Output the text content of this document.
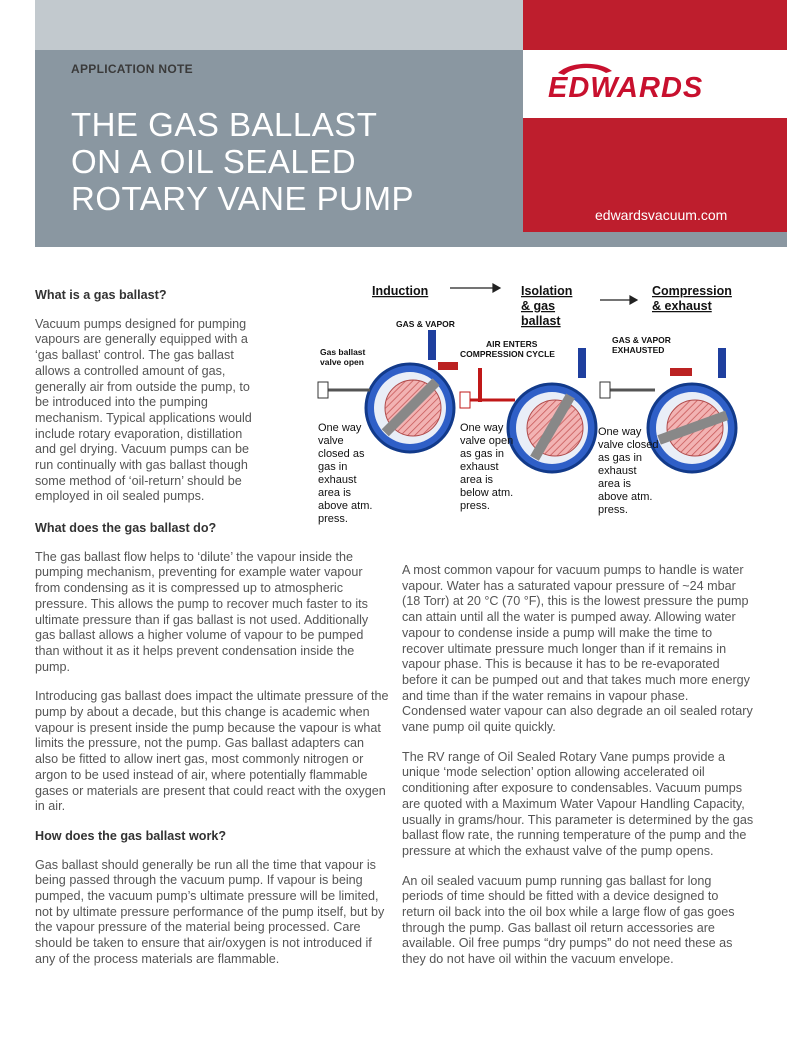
EDWARDS
APPLICATION NOTE
THE GAS BALLAST
ON A OIL SEALED
ROTARY VANE PUMP	edwardsvacuum.com
Induction	Isolation
& gas
ballast
Compression
& exhaust
GAS & VAPOR
AIR ENTERS
COMPRESSION CYCLE
GAS & VAPOR
EXHAUSTED
Gas ballast
valve open
One way
valve
closed as
gas in
exhaust
area is
above atm.
press.
One way
valve open
as gas in
exhaust
area is
below atm.
press.
One way
valve closed
as gas in
exhaust
area is
above atm.
press.
What is a gas ballast?

Vacuum pumps designed for pumping vapours are generally equipped with a ‘gas ballast’ control. The gas ballast allows a controlled amount of gas, generally air from outside the pump, to be introduced into the pumping mechanism. Typical applications would include rotary evaporation, distillation and gel drying. Vacuum pumps can be run continually with gas ballast though some method of ‘oil-return’ should be employed in oil sealed pumps.

What does the gas ballast do?

The gas ballast flow helps to ‘dilute’ the vapour inside the pumping mechanism, preventing for example water vapour from condensing as it is compressed up to atmospheric pressure. This allows the pump to recover much faster to its ultimate pressure than if gas ballast is not used. Additionally gas ballast allows a higher volume of vapour to be pumped than without it as it helps prevent condensation inside the pump.

Introducing gas ballast does impact the ultimate pressure of the pump by about a decade, but this change is academic when vapour is present inside the pump because the vapour is what limits the pressure, not the pump. Gas ballast adapters can also be fitted to allow inert gas, most commonly nitrogen or argon to be used instead of air, where potentially flammable gases or materials are present that could react with the oxygen in air.

How does the gas ballast work?

Gas ballast should generally be run all the time that vapour is being passed through the vacuum pump. If vapour is being pumped, the vacuum pump’s ultimate pressure will be limited, not by ultimate pressure performance of the pump itself, but by the vapour pressure of the material being processed. Care should be taken to ensure that air/oxygen is not introduced if any of the process materials are flammable.

A most common vapour for vacuum pumps to handle is water vapour. Water has a saturated vapour pressure of ~24 mbar (18 Torr) at 20 °C (70 °F), this is the lowest pressure the pump can attain until all the water is pumped away. Allowing water vapour to condense inside a pump will make the time to recover ultimate pressure much longer than if it remains in vapour phase. This is because it has to be re-evaporated before it can be pumped out and that takes much more energy and time than if the water remains in vapour phase. Condensed water vapour can also degrade an oil sealed rotary vane pump oil quite quickly.

The RV range of Oil Sealed Rotary Vane pumps provide a unique ‘mode selection’ option allowing accelerated oil conditioning after exposure to condensables. Vacuum pumps are quoted with a Maximum Water Vapour Handling Capacity, usually in grams/hour. This parameter is determined by the gas ballast flow rate, the running temperature of the pump and the pressure at which the exhaust valve of the pump opens.

An oil sealed vacuum pump running gas ballast for long periods of time should be fitted with a device designed to return oil back into the oil box while a large flow of gas goes through the pump. Gas ballast oil return accessories are available. Oil free pumps “dry pumps” do not need these as they do not have oil within the vacuum envelope.
